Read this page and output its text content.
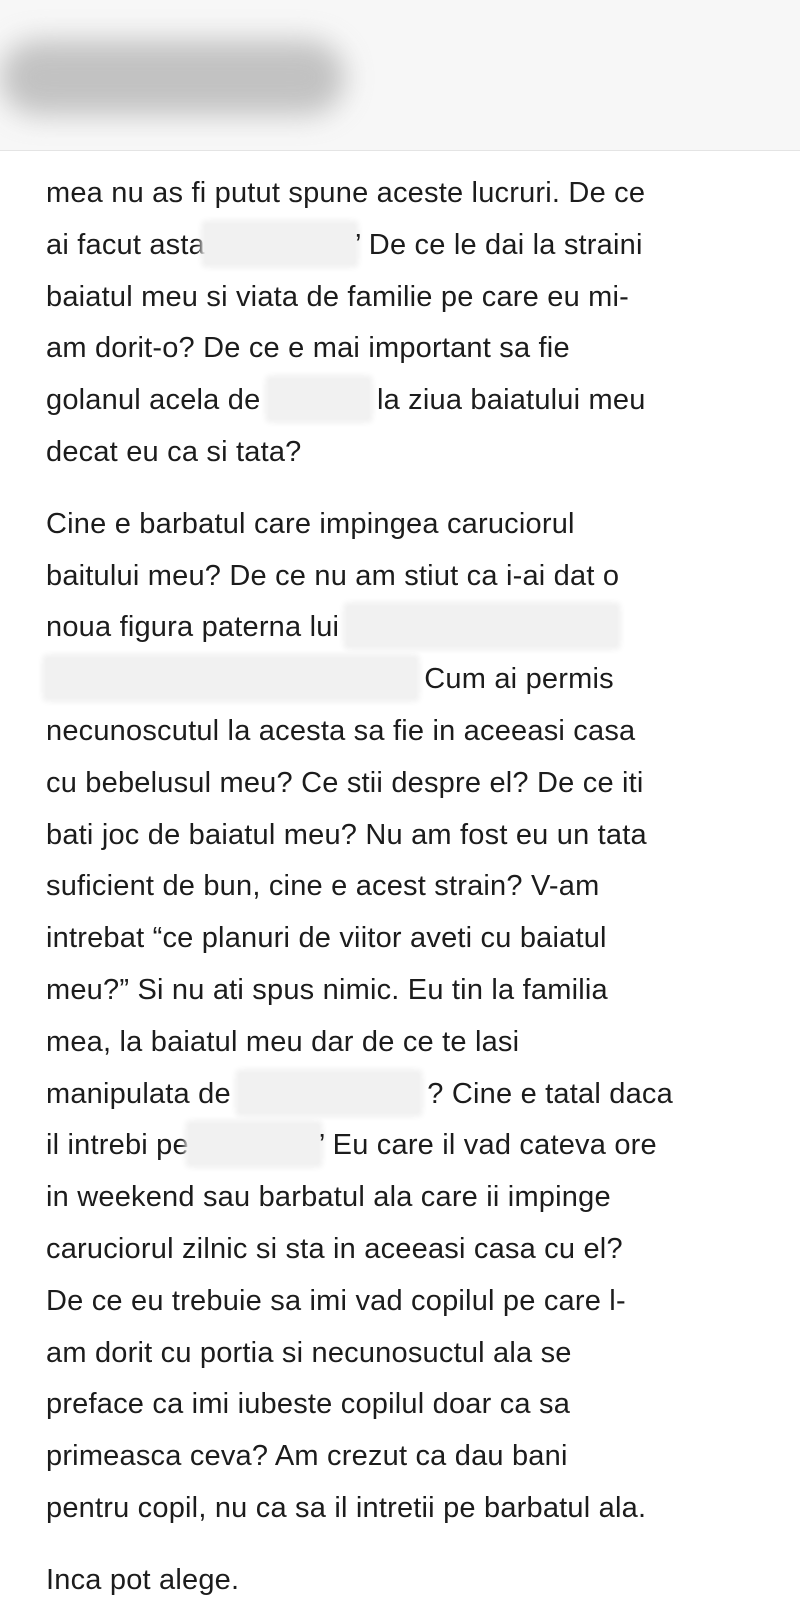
mea nu as fi putut spune aceste lucruri. De ce
ai facut asta	’ De ce le dai la straini
baiatul meu si viata de familie pe care eu mi-
am dorit-o? De ce e mai important sa fie
golanul acela de	la ziua baiatului meu
decat eu ca si tata?

Cine e barbatul care impingea caruciorul
baitului meu? De ce nu am stiut ca i-ai dat o
noua figura paterna lui
Cum ai permis
necunoscutul la acesta sa fie in aceeasi casa
cu bebelusul meu? Ce stii despre el? De ce iti
bati joc de baiatul meu? Nu am fost eu un tata
suficient de bun, cine e acest strain? V-am
intrebat “ce planuri de viitor aveti cu baiatul
meu?” Si nu ati spus nimic. Eu tin la familia
mea, la baiatul meu dar de ce te lasi
manipulata de	? Cine e tatal daca
il intrebi pe	’ Eu care il vad cateva ore
in weekend sau barbatul ala care ii impinge
caruciorul zilnic si sta in aceeasi casa cu el?
De ce eu trebuie sa imi vad copilul pe care l-
am dorit cu portia si necunosuctul ala se
preface ca imi iubeste copilul doar ca sa
primeasca ceva? Am crezut ca dau bani
pentru copil, nu ca sa il intretii pe barbatul ala.

Inca pot alege.
